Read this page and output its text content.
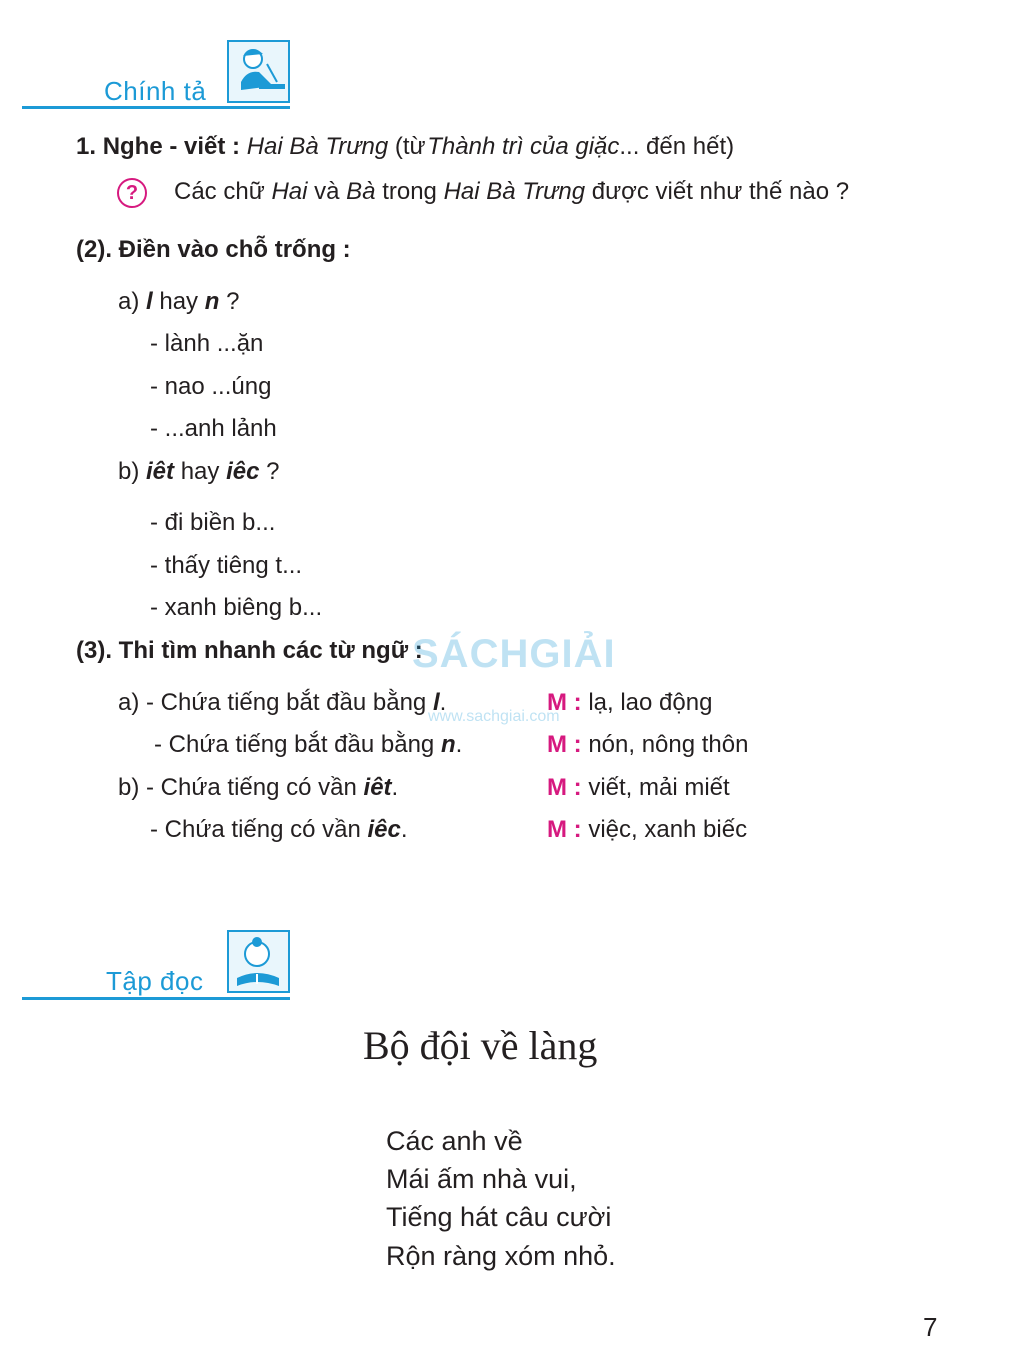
Chính tả
1. Nghe - viết : Hai Bà Trưng (từ Thành trì của giặc... đến hết)
?	Các chữ Hai và Bà trong Hai Bà Trưng được viết như thế nào ?
(2). Điền vào chỗ trống :
a) l hay n ?
- lành ...ặn
- nao ...úng
- ...anh lảnh
b) iêt hay iêc ?
- đi biền b...
- thấy tiêng t...
- xanh biêng b...
(3). Thi tìm nhanh các từ ngữ :
SÁCHGIẢI
www.sachgiai.com
a) - Chứa tiếng bắt đầu bằng l.	M : lạ, lao động
- Chứa tiếng bắt đầu bằng n.	M : nón, nông thôn
b) - Chứa tiếng có vần iêt.	M : viết, mải miết
- Chứa tiếng có vần iêc.	M : việc, xanh biếc
Tập đọc
Bộ đội về làng
Các anh về
Mái ấm nhà vui,
Tiếng hát câu cười
Rộn ràng xóm nhỏ.
7
